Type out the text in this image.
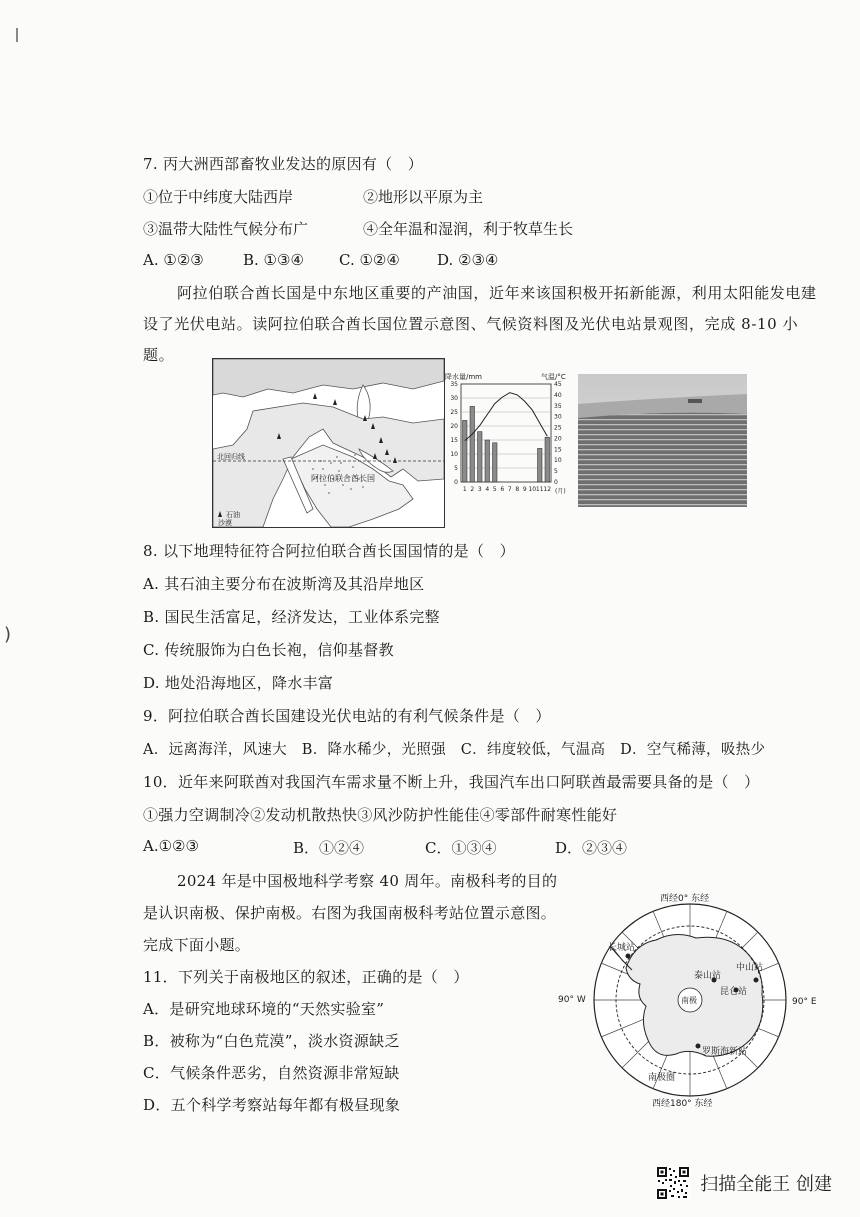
)
7. 丙大洲西部畜牧业发达的原因有（　）
①位于中纬度大陆西岸	②地形以平原为主
③温带大陆性气候分布广	④全年温和湿润，利于牧草生长
A. ①②③	B. ①③④ C. ①②④ D. ②③④
阿拉伯联合酋长国是中东地区重要的产油国，近年来该国积极开拓新能源，利用太阳能发电建设了光伏电站。读阿拉伯联合酋长国位置示意图、气候资料图及光伏电站景观图，完成 8-10 小题。
北回归线
阿拉伯联合酋长国
石油
沙漠
降水量/mm	气温/°C
35
30
25
20
15
10
5
0
45
40
35
30
25
20
15
10
5
0
1 2 3 4 5 6 7 8 9 10 11 12 (月)
8. 以下地理特征符合阿拉伯联合酋长国国情的是（　）
A. 其石油主要分布在波斯湾及其沿岸地区
B. 国民生活富足，经济发达，工业体系完整
C. 传统服饰为白色长袍，信仰基督教
D. 地处沿海地区，降水丰富
9．阿拉伯联合酋长国建设光伏电站的有利气候条件是（　）
A．远离海洋，风速大　B．降水稀少，光照强　C．纬度较低，气温高　D．空气稀薄，吸热少
10．近年来阿联酋对我国汽车需求量不断上升，我国汽车出口阿联酋最需要具备的是（　）
①强力空调制冷②发动机散热快③风沙防护性能佳④零部件耐寒性能好
A.①②③	B．①②④	C．①③④	D．②③④
2024 年是中国极地科学考察 40 周年。南极科考的目的
是认识南极、保护南极。右图为我国南极科考站位置示意图。
完成下面小题。
11．下列关于南极地区的叙述，正确的是（　）
A．是研究地球环境的“天然实验室”
B．被称为“白色荒漠”，淡水资源缺乏
C．气候条件恶劣，自然资源非常短缺
D．五个科学考察站每年都有极昼现象
西经0° 东经
西经180° 东经
90° W	90° E
南极
长城站
泰山站
中山站
昆仑站
罗斯海新站
南极圈
扫描全能王 创建
